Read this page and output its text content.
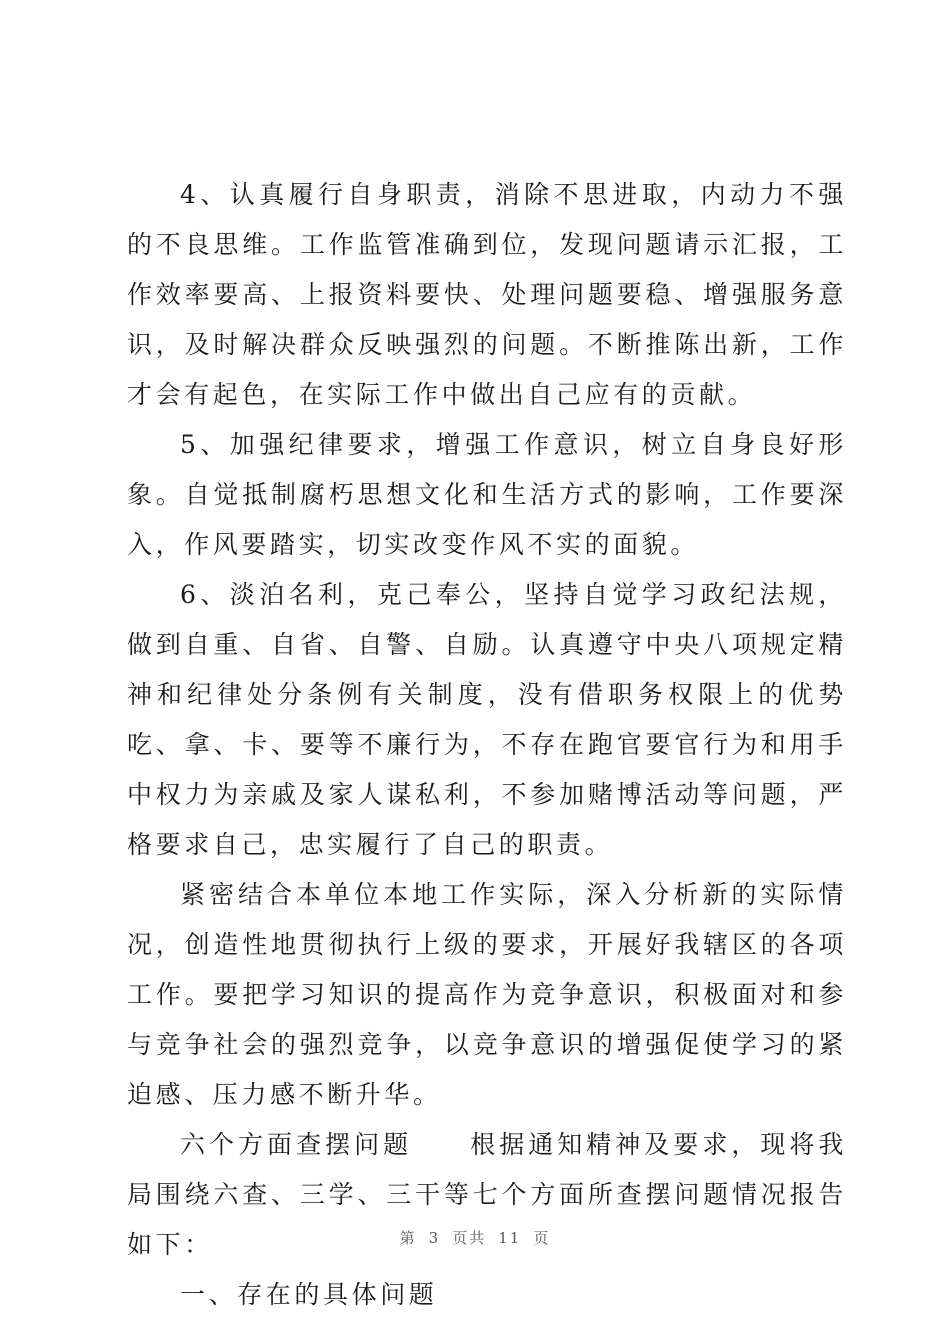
4、认真履行自身职责，消除不思进取，内动力不强的不良思维。工作监管准确到位，发现问题请示汇报，工作效率要高、上报资料要快、处理问题要稳、增强服务意识，及时解决群众反映强烈的问题。不断推陈出新，工作才会有起色，在实际工作中做出自己应有的贡献。

5、加强纪律要求，增强工作意识，树立自身良好形象。自觉抵制腐朽思想文化和生活方式的影响，工作要深入，作风要踏实，切实改变作风不实的面貌。

6、淡泊名利，克己奉公，坚持自觉学习政纪法规，做到自重、自省、自警、自励。认真遵守中央八项规定精神和纪律处分条例有关制度，没有借职务权限上的优势吃、拿、卡、要等不廉行为，不存在跑官要官行为和用手中权力为亲戚及家人谋私利，不参加赌博活动等问题，严格要求自己，忠实履行了自己的职责。

紧密结合本单位本地工作实际，深入分析新的实际情况，创造性地贯彻执行上级的要求，开展好我辖区的各项工作。要把学习知识的提高作为竞争意识，积极面对和参与竞争社会的强烈竞争，以竞争意识的增强促使学习的紧迫感、压力感不断升华。

六个方面查摆问题　　根据通知精神及要求，现将我局围绕六查、三学、三干等七个方面所查摆问题情况报告如下：

一、存在的具体问题

第 3 页共 11 页
